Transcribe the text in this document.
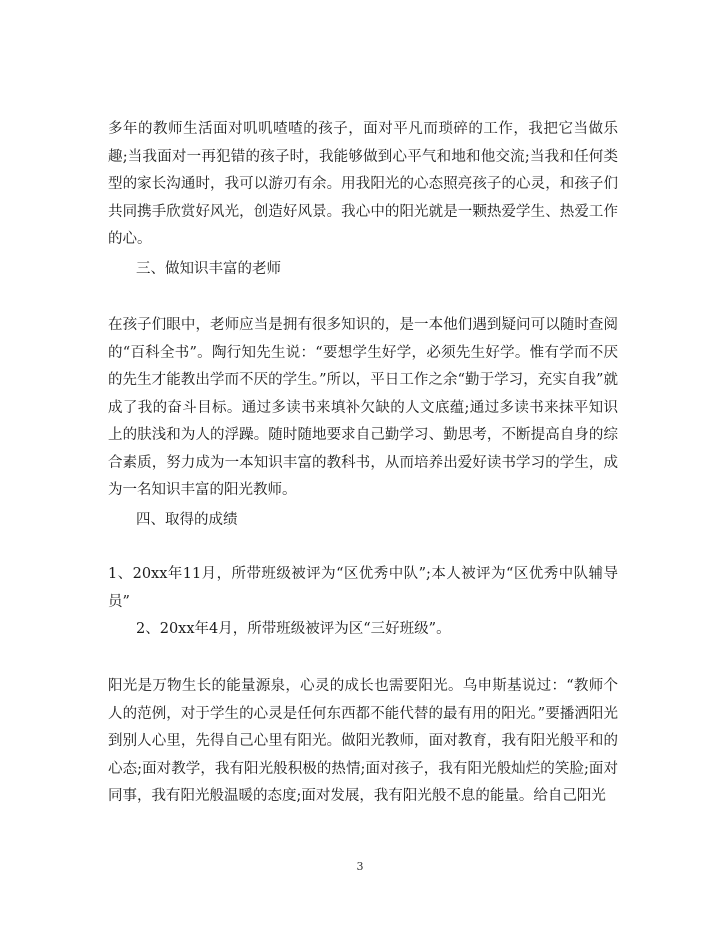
多年的教师生活面对叽叽喳喳的孩子，面对平凡而琐碎的工作，我把它当做乐趣;当我面对一再犯错的孩子时，我能够做到心平气和地和他交流;当我和任何类型的家长沟通时，我可以游刃有余。用我阳光的心态照亮孩子的心灵，和孩子们共同携手欣赏好风光，创造好风景。我心中的阳光就是一颗热爱学生、热爱工作的心。
三、做知识丰富的老师
在孩子们眼中，老师应当是拥有很多知识的，是一本他们遇到疑问可以随时查阅的“百科全书”。陶行知先生说：“要想学生好学，必须先生好学。惟有学而不厌的先生才能教出学而不厌的学生。”所以，平日工作之余“勤于学习，充实自我”就成了我的奋斗目标。通过多读书来填补欠缺的人文底蕴;通过多读书来抹平知识上的肤浅和为人的浮躁。随时随地要求自己勤学习、勤思考，不断提高自身的综合素质，努力成为一本知识丰富的教科书，从而培养出爱好读书学习的学生，成为一名知识丰富的阳光教师。
四、取得的成绩
1、20xx年11月，所带班级被评为“区优秀中队”;本人被评为“区优秀中队辅导员”
2、20xx年4月，所带班级被评为区“三好班级”。
阳光是万物生长的能量源泉，心灵的成长也需要阳光。乌申斯基说过：“教师个人的范例，对于学生的心灵是任何东西都不能代替的最有用的阳光。”要播洒阳光到别人心里，先得自己心里有阳光。做阳光教师，面对教育，我有阳光般平和的心态;面对教学，我有阳光般积极的热情;面对孩子，我有阳光般灿烂的笑脸;面对同事，我有阳光般温暖的态度;面对发展，我有阳光般不息的能量。给自己阳光
3
